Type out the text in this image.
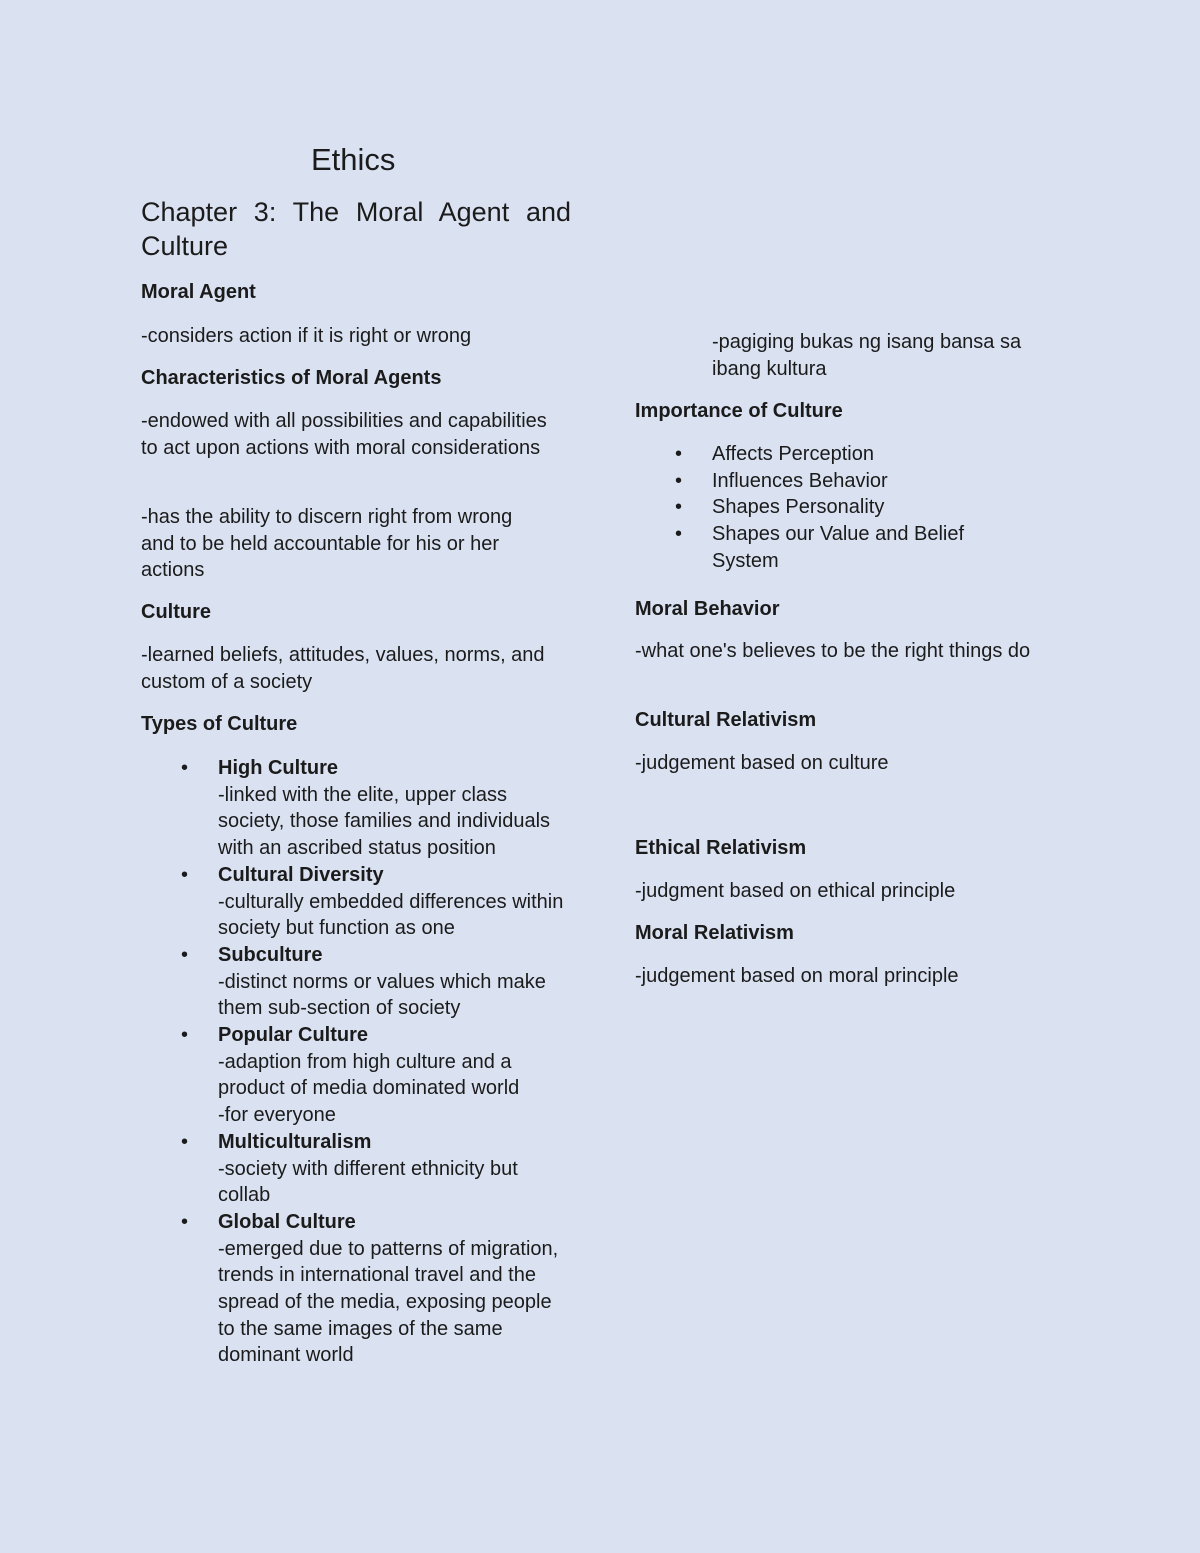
Ethics
Chapter 3: The Moral Agent and Culture
Moral Agent

-considers action if it is right or wrong

Characteristics of Moral Agents

-endowed with all possibilities and capabilities to act upon actions with moral considerations

-has the ability to discern right from wrong and to be held accountable for his or her actions

Culture

-learned beliefs, attitudes, values, norms, and custom of a society

Types of Culture
• High Culture
-linked with the elite, upper class society, those families and individuals with an ascribed status position
• Cultural Diversity
-culturally embedded differences within society but function as one
• Subculture
-distinct norms or values which make them sub-section of society
• Popular Culture
-adaption from high culture and a product of media dominated world
-for everyone
• Multiculturalism
-society with different ethnicity but collab
• Global Culture
-emerged due to patterns of migration, trends in international travel and the spread of the media, exposing people to the same images of the same dominant world

-pagiging bukas ng isang bansa sa ibang kultura

Importance of Culture
• Affects Perception
• Influences Behavior
• Shapes Personality
• Shapes our Value and Belief System
Moral Behavior

-what one's believes to be the right things do

Cultural Relativism

-judgement based on culture

Ethical Relativism

-judgment based on ethical principle

Moral Relativism

-judgement based on moral principle
